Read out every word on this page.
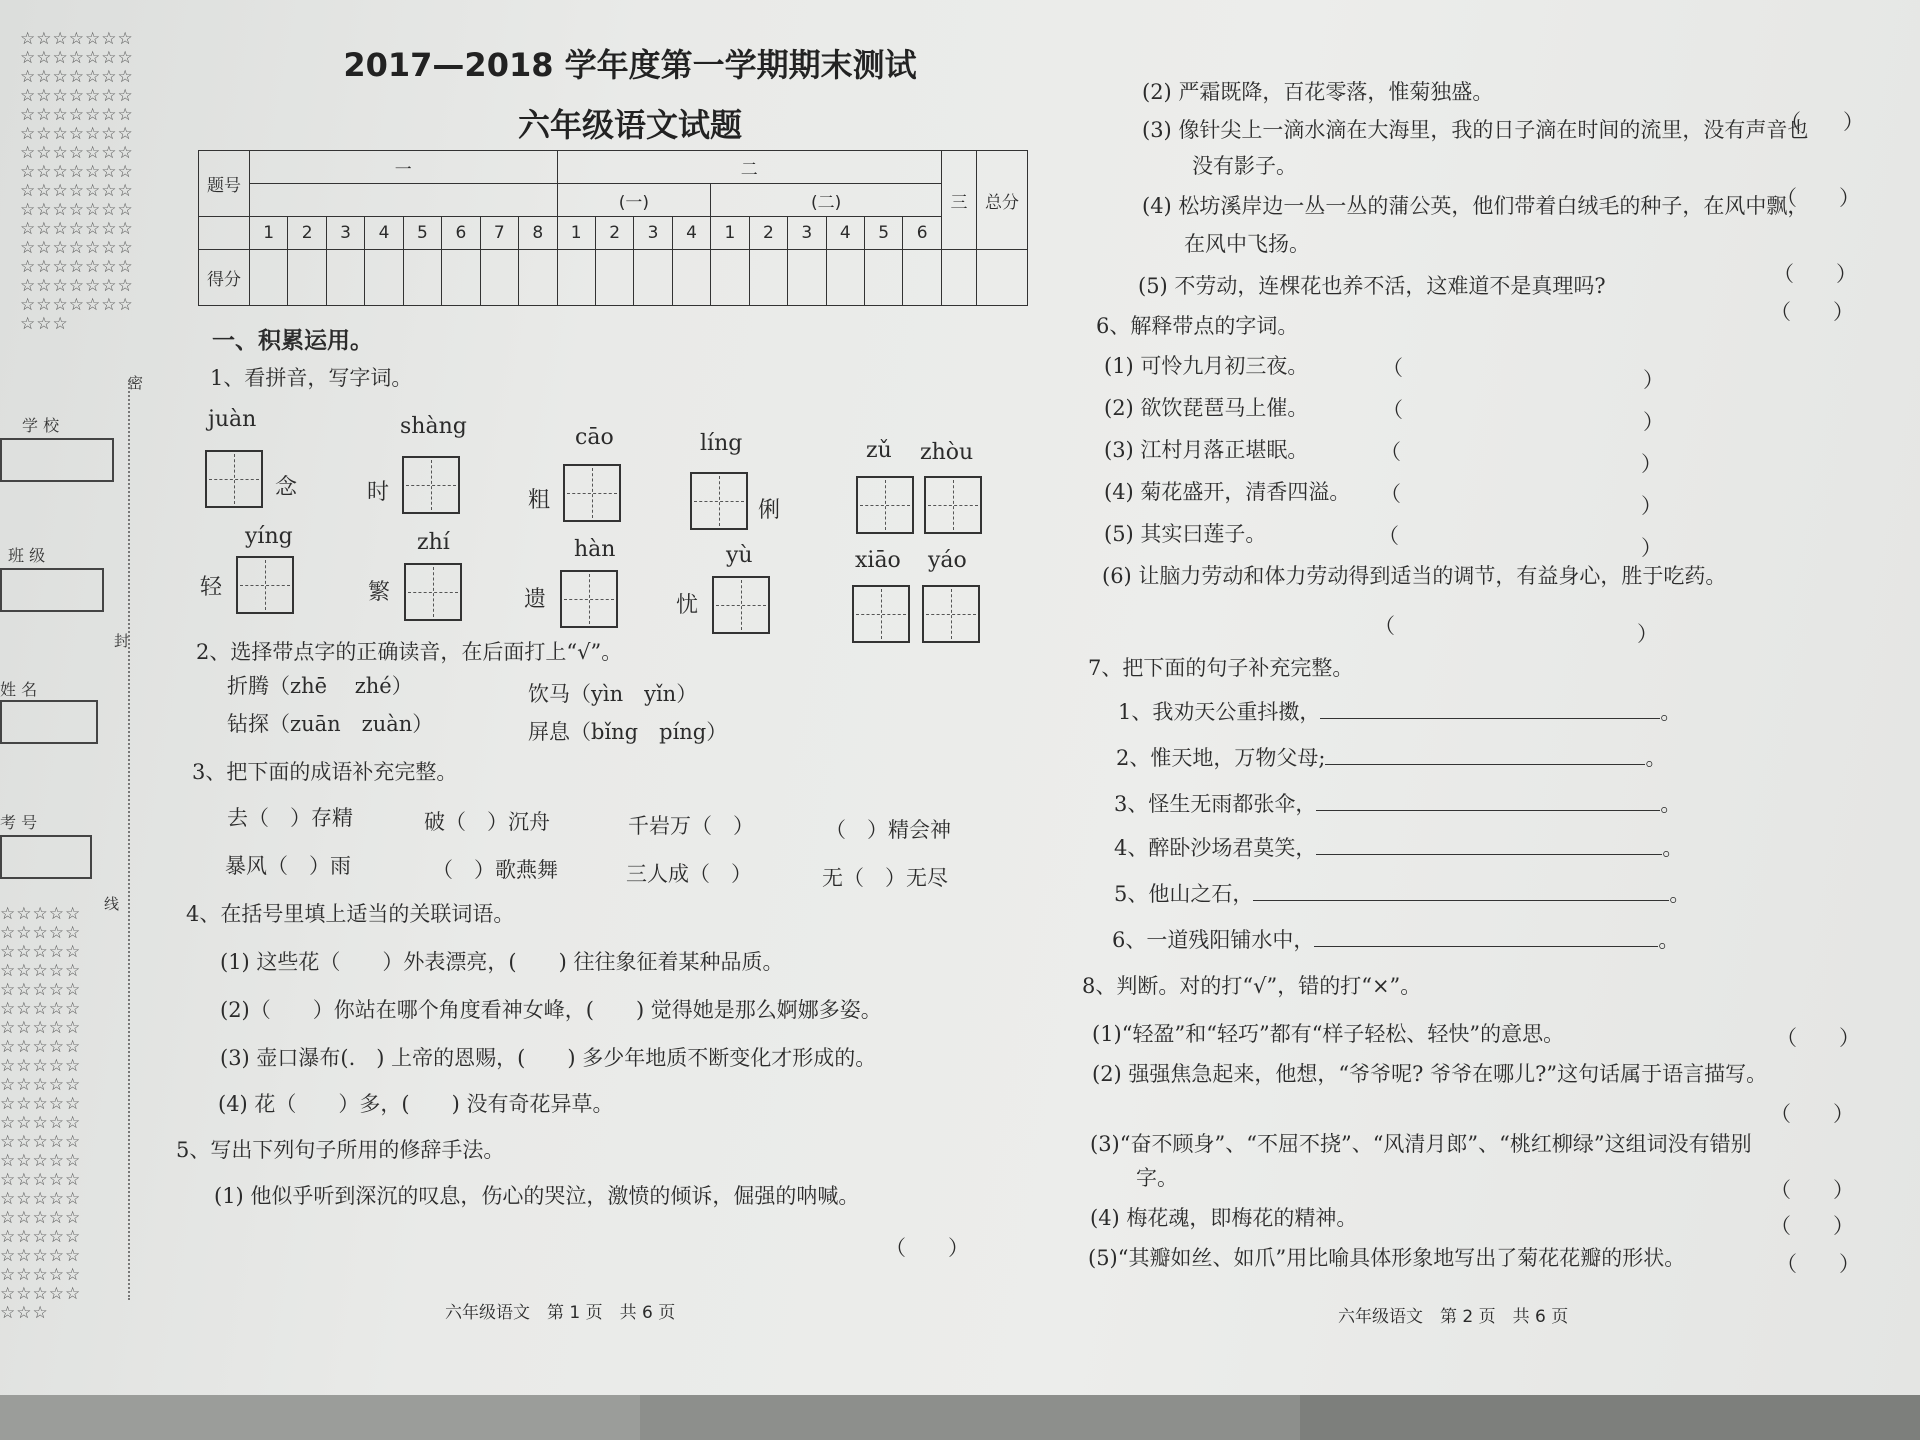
☆☆☆☆☆☆☆☆☆☆☆☆☆☆☆☆☆☆☆☆☆☆☆☆☆☆☆☆☆☆☆☆☆☆☆☆☆☆☆☆☆☆☆☆☆☆☆☆☆☆☆☆☆☆☆☆☆☆☆☆☆☆☆☆☆☆☆☆☆☆☆☆☆☆☆☆☆☆☆☆☆☆☆☆☆☆☆☆☆☆☆☆☆☆☆☆☆☆☆☆☆☆☆☆☆☆☆☆
☆☆☆☆☆☆☆☆☆☆☆☆☆☆☆☆☆☆☆☆☆☆☆☆☆☆☆☆☆☆☆☆☆☆☆☆☆☆☆☆☆☆☆☆☆☆☆☆☆☆☆☆☆☆☆☆☆☆☆☆☆☆☆☆☆☆☆☆☆☆☆☆☆☆☆☆☆☆☆☆☆☆☆☆☆☆☆☆☆☆☆☆☆☆☆☆☆☆☆☆☆☆☆☆☆☆☆☆
密
封
线
学 校
班 级
姓 名
考 号
2017—2018 学年度第一学期期末测试
六年级语文试题
题号	一								二										三	总分
									(一)				(二)							
	1	2	3	4	5	6	7	8	1	2	3	4	1	2	3	4	5	6		
得分																				
一、积累运用。
1、看拼音，写字词。
juàn
念
shàng
时
cāo
粗
líng
俐
zǔ zhòu
yíng
轻
zhí
繁
hàn
遗
yù
忧
xiāo yáo
2、选择带点字的正确读音，在后面打上“√”。
折腾（zhē　 zhé）	饮马（yìn　yǐn）
钻探（zuān　zuàn）	屏息（bǐng　píng）
3、把下面的成语补充完整。
去（　）存精	破（　）沉舟	千岩万（　）	（　）精会神
暴风（　）雨	（　）歌燕舞	三人成（　）	无（　）无尽
4、在括号里填上适当的关联词语。
(1) 这些花（　　）外表漂亮，(　　) 往往象征着某种品质。
(2)（　　）你站在哪个角度看神女峰，(　　) 觉得她是那么婀娜多姿。
(3) 壶口瀑布(.　) 上帝的恩赐，(　　) 多少年地质不断变化才形成的。
(4) 花（　　）多，(　　) 没有奇花异草。
5、写出下列句子所用的修辞手法。
(1) 他似乎听到深沉的叹息，伤心的哭泣，激愤的倾诉，倔强的呐喊。
（　　）
六年级语文　第 1 页　共 6 页
(2) 严霜既降，百花零落，惟菊独盛。
（　　）
(3) 像针尖上一滴水滴在大海里，我的日子滴在时间的流里，没有声音也
没有影子。
（　　）
(4) 松坊溪岸边一丛一丛的蒲公英，他们带着白绒毛的种子，在风中飘，
在风中飞扬。
（　　）
(5) 不劳动，连棵花也养不活，这难道不是真理吗?
（　　）
6、解释带点的字词。
(1) 可怜九月初三夜。	（	）
(2) 欲饮琵琶马上催。	（	）
(3) 江村月落正堪眠。	（	）
(4) 菊花盛开，清香四溢。 （	）
(5) 其实曰莲子。	（	）
(6) 让脑力劳动和体力劳动得到适当的调节，有益身心，胜于吃药。
（	）
7、把下面的句子补充完整。
1、我劝天公重抖擞，	。
2、惟天地，万物父母;	。
3、怪生无雨都张伞，	。
4、醉卧沙场君莫笑，	。
5、他山之石，	。
6、一道残阳铺水中，	。
8、判断。对的打“√”，错的打“×”。
(1)“轻盈”和“轻巧”都有“样子轻松、轻快”的意思。	（　　）
(2) 强强焦急起来，他想，“爷爷呢? 爷爷在哪儿?”这句话属于语言描写。
（　　）
(3)“奋不顾身”、“不屈不挠”、“风清月郎”、“桃红柳绿”这组词没有错别
字。	（　　）
(4) 梅花魂，即梅花的精神。	（　　）
(5)“其瓣如丝、如爪”用比喻具体形象地写出了菊花花瓣的形状。	（　　）
六年级语文　第 2 页　共 6 页
